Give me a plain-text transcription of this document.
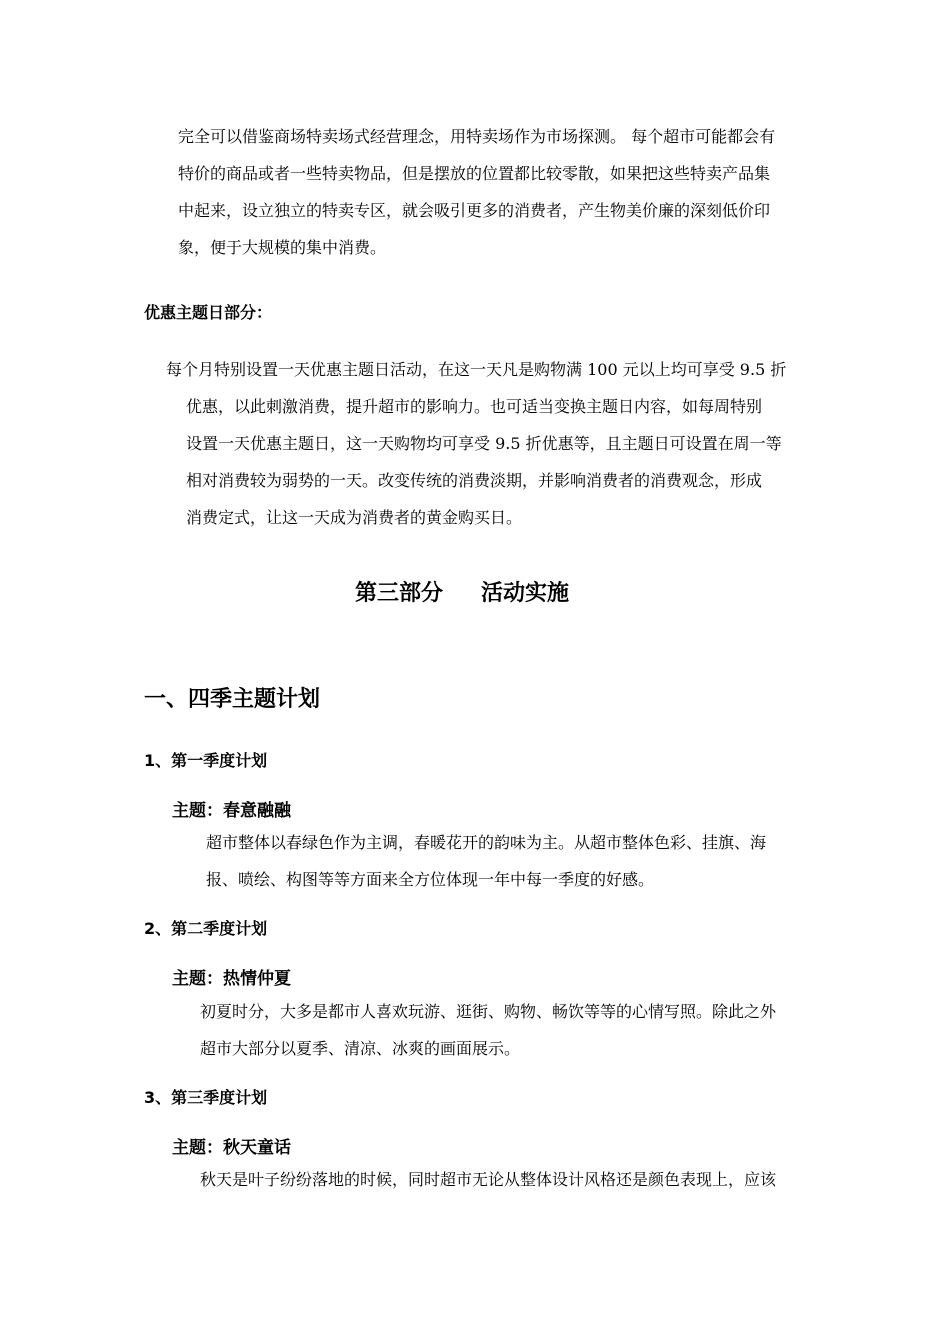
完全可以借鉴商场特卖场式经营理念，用特卖场作为市场探测。 每个超市可能都会有
特价的商品或者一些特卖物品，但是摆放的位置都比较零散，如果把这些特卖产品集
中起来，设立独立的特卖专区，就会吸引更多的消费者，产生物美价廉的深刻低价印
象，便于大规模的集中消费。
优惠主题日部分：
每个月特别设置一天优惠主题日活动，在这一天凡是购物满 100 元以上均可享受 9.5 折
优惠，以此刺激消费，提升超市的影响力。也可适当变换主题日内容，如每周特别
设置一天优惠主题日，这一天购物均可享受 9.5 折优惠等，且主题日可设置在周一等
相对消费较为弱势的一天。改变传统的消费淡期，并影响消费者的消费观念，形成
消费定式，让这一天成为消费者的黄金购买日。
第三部分 活动实施
一、四季主题计划
1、第一季度计划
主题：春意融融
超市整体以春绿色作为主调，春暖花开的韵味为主。从超市整体色彩、挂旗、海
报、喷绘、构图等等方面来全方位体现一年中每一季度的好感。
2、第二季度计划
主题：热情仲夏
初夏时分，大多是都市人喜欢玩游、逛街、购物、畅饮等等的心情写照。除此之外
超市大部分以夏季、清凉、冰爽的画面展示。
3、第三季度计划
主题：秋天童话
秋天是叶子纷纷落地的时候，同时超市无论从整体设计风格还是颜色表现上，应该
